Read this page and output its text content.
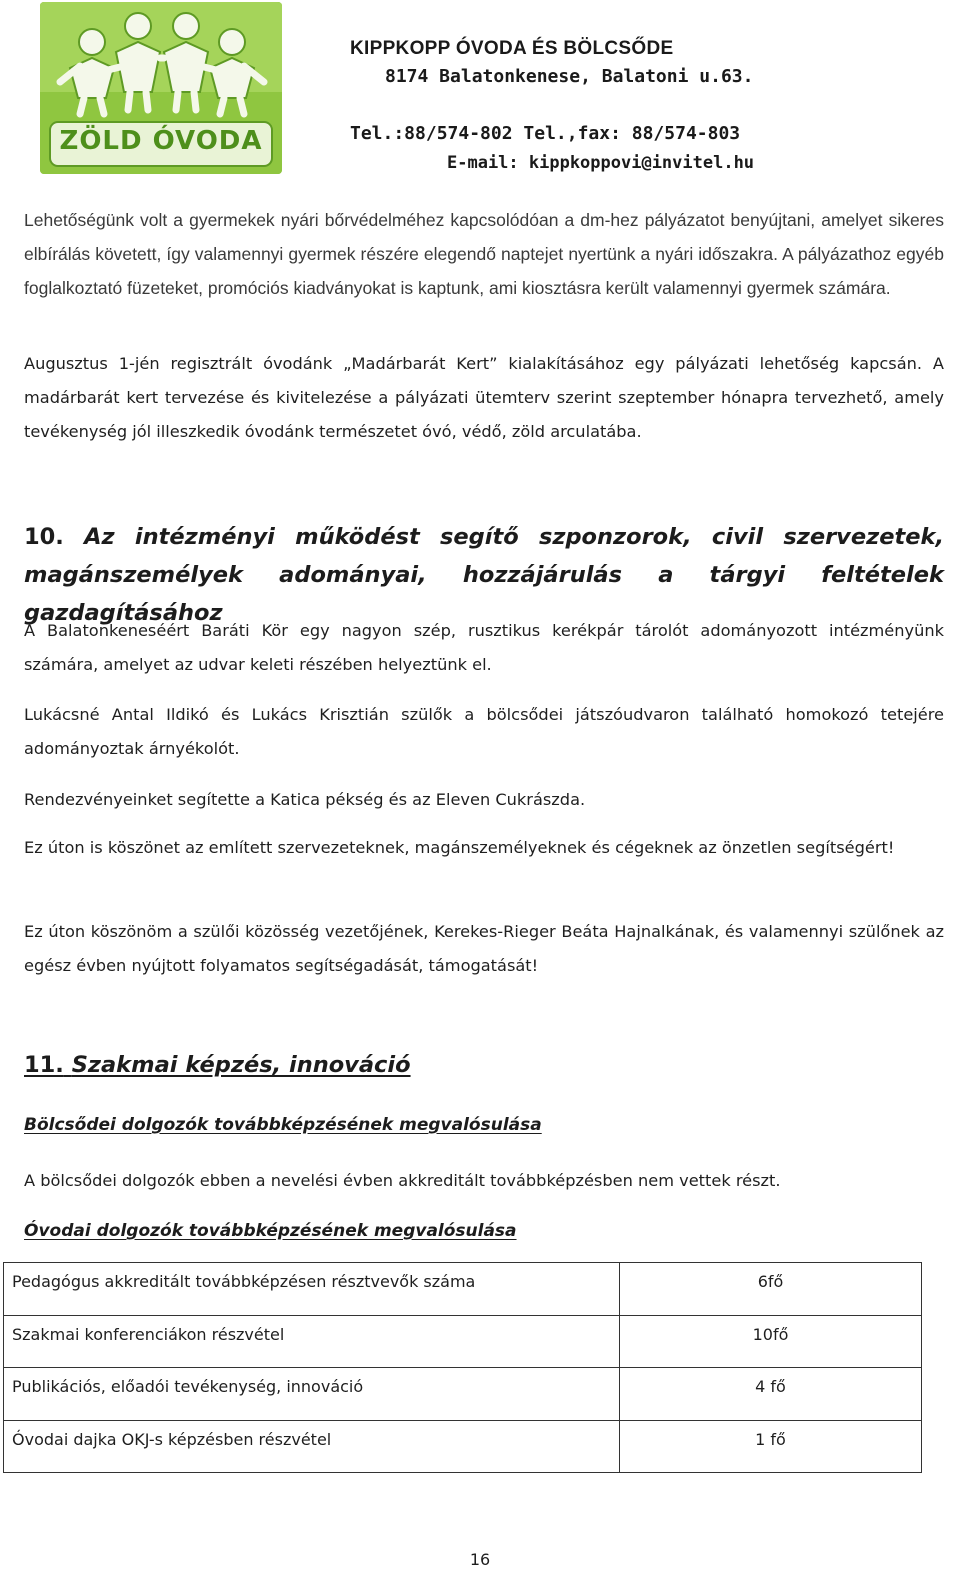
ZÖLD ÓVODA
KIPPKOPP ÓVODA ÉS BÖLCSŐDE
8174 Balatonkenese, Balatoni u.63.
Tel.:88/574-802 Tel.,fax: 88/574-803
E-mail: kippkoppovi@invitel.hu
Lehetőségünk volt a gyermekek nyári bőrvédelméhez kapcsolódóan a dm-hez pályázatot benyújtani, amelyet sikeres elbírálás követett, így valamennyi gyermek részére elegendő naptejet nyertünk a nyári időszakra. A pályázathoz egyéb foglalkoztató füzeteket, promóciós kiadványokat is kaptunk, ami kiosztásra került valamennyi gyermek számára.
Augusztus 1-jén regisztrált óvodánk „Madárbarát Kert” kialakításához egy pályázati lehetőség kapcsán. A madárbarát kert tervezése és kivitelezése a pályázati ütemterv szerint szeptember hónapra tervezhető, amely tevékenység jól illeszkedik óvodánk természetet óvó, védő, zöld arculatába.
10. Az intézményi működést segítő szponzorok, civil szervezetek, magánszemélyek adományai, hozzájárulás a tárgyi feltételek gazdagításához
A Balatonkeneséért Baráti Kör egy nagyon szép, rusztikus kerékpár tárolót adományozott intézményünk számára, amelyet az udvar keleti részében helyeztünk el.
Lukácsné Antal Ildikó és Lukács Krisztián szülők a bölcsődei játszóudvaron található homokozó tetejére adományoztak árnyékolót.
Rendezvényeinket segítette a Katica pékség és az Eleven Cukrászda.
Ez úton is köszönet az említett szervezeteknek, magánszemélyeknek és cégeknek az önzetlen segítségért!
Ez úton köszönöm a szülői közösség vezetőjének, Kerekes-Rieger Beáta Hajnalkának, és valamennyi szülőnek az egész évben nyújtott folyamatos segítségadását, támogatását!
11. Szakmai képzés, innováció
Bölcsődei dolgozók továbbképzésének megvalósulása
A bölcsődei dolgozók ebben a nevelési évben akkreditált továbbképzésben nem vettek részt.
Óvodai dolgozók továbbképzésének megvalósulása
Pedagógus akkreditált továbbképzésen résztvevők száma	6fő
Szakmai konferenciákon részvétel	10fő
Publikációs, előadói tevékenység, innováció	4 fő
Óvodai dajka OKJ-s képzésben részvétel	1 fő
16
